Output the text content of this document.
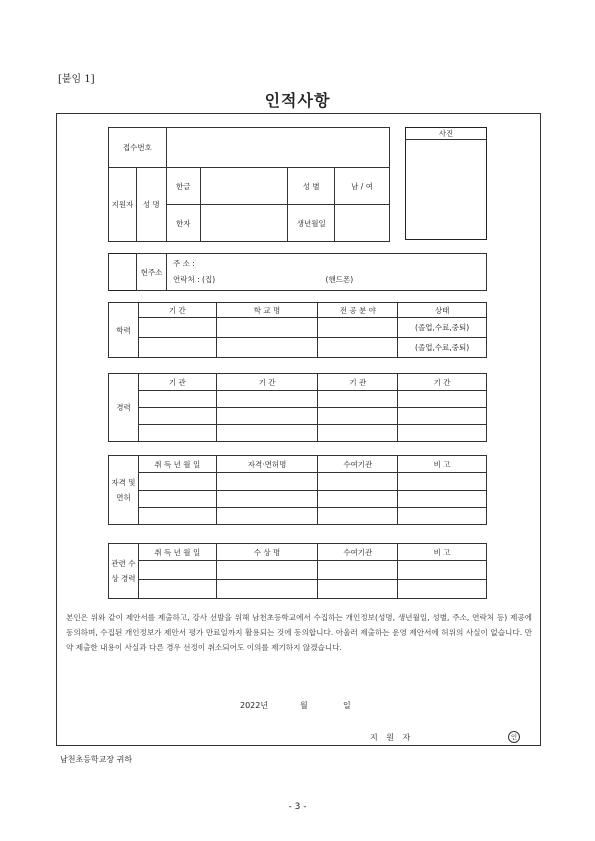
[붙임 1]
인적사항
사진
접수번호					
지원자	성 명	한글		성 별	남 / 여
		한자		생년월일	
	현주소	
주 소 :
연락처 : (집)	(핸드폰)
학력	기 간	학 교 명	전 공 분 야	상태
				(졸업,수료,중퇴)
				(졸업,수료,중퇴)
경력	기 관	기 간	기 관	기 간

자격 및 면허	취 득 년 월 일	자격·면허명	수여기관	비 고

관련 수상 경력	취 득 년 월 일	수 상 명	수여기관	비 고

본인은 위와 같이 제안서를 제출하고, 강사 선발을 위해 남천초등학교에서 수집하는 개인정보(성명, 생년월일, 성별, 주소, 연락처 등) 제공에 동의하며, 수집된 개인정보가 제안서 평가 만료일까지 활용되는 것에 동의합니다. 아울러 제출하는 운영 제안서에 허위의 사실이 없습니다. 만약 제출한 내용이 사실과 다른 경우 선정이 취소되어도 이의를 제기하지 않겠습니다.

2022년	월	일
지 원 자	인
남천초등학교장 귀하
- 3 -
